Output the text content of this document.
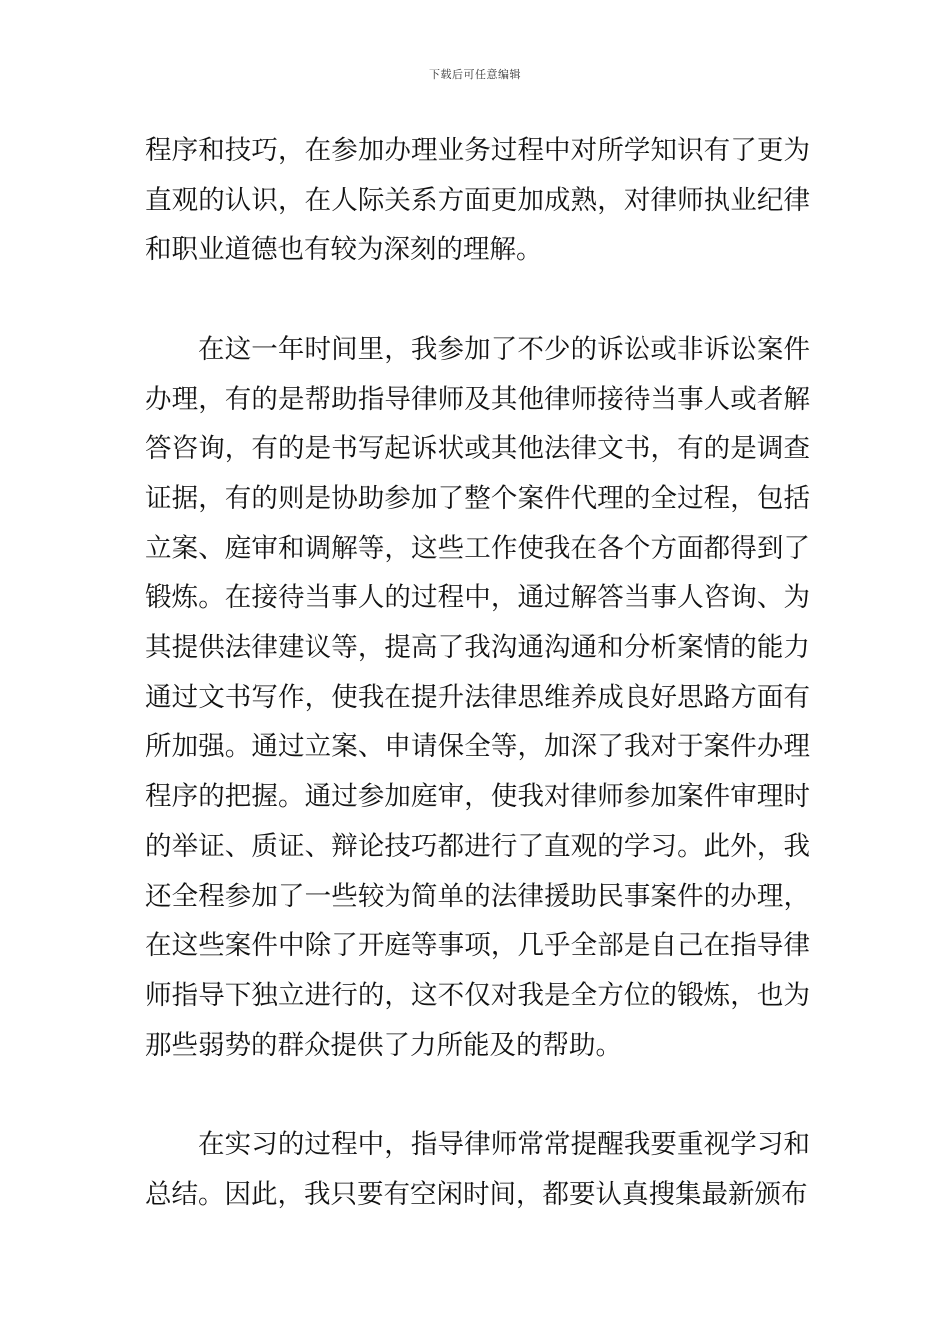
下载后可任意编辑

程序和技巧，在参加办理业务过程中对所学知识有了更为直观的认识，在人际关系方面更加成熟，对律师执业纪律和职业道德也有较为深刻的理解。

在这一年时间里，我参加了不少的诉讼或非诉讼案件办理，有的是帮助指导律师及其他律师接待当事人或者解答咨询，有的是书写起诉状或其他法律文书，有的是调查证据，有的则是协助参加了整个案件代理的全过程，包括立案、庭审和调解等，这些工作使我在各个方面都得到了锻炼。在接待当事人的过程中，通过解答当事人咨询、为其提供法律建议等，提高了我沟通沟通和分析案情的能力通过文书写作，使我在提升法律思维养成良好思路方面有所加强。通过立案、申请保全等，加深了我对于案件办理程序的把握。通过参加庭审，使我对律师参加案件审理时的举证、质证、辩论技巧都进行了直观的学习。此外，我还全程参加了一些较为简单的法律援助民事案件的办理，在这些案件中除了开庭等事项，几乎全部是自己在指导律师指导下独立进行的，这不仅对我是全方位的锻炼，也为那些弱势的群众提供了力所能及的帮助。

在实习的过程中，指导律师常常提醒我要重视学习和总结。因此，我只要有空闲时间，都要认真搜集最新颁布
